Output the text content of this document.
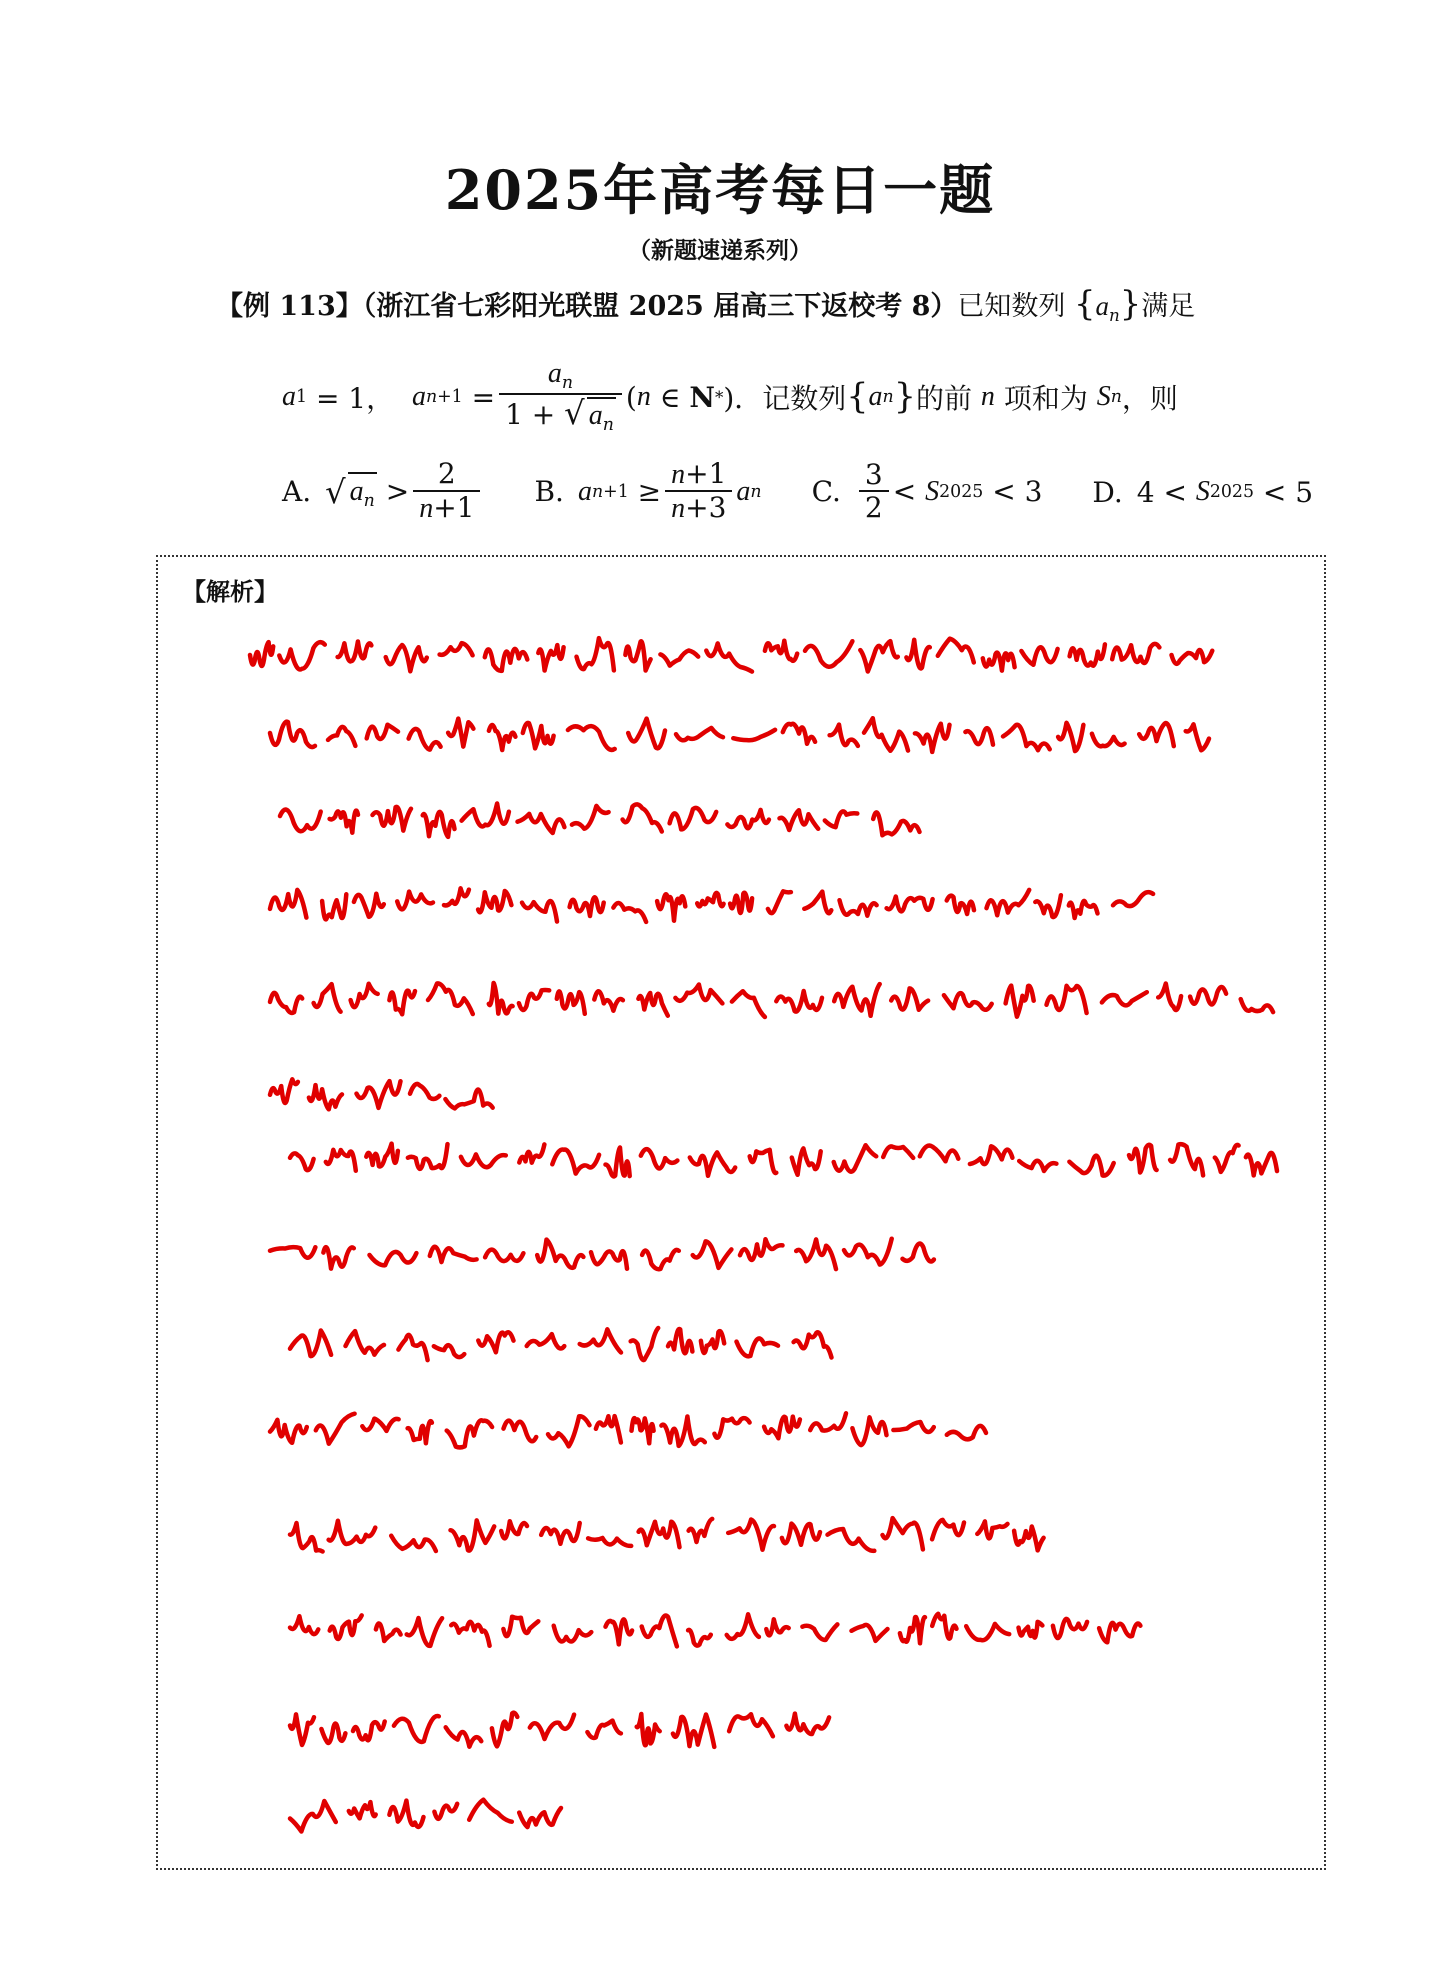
2025年高考每日一题
（新题速递系列）
【例 113】（浙江省七彩阳光联盟 2025 届高三下返校考 8）已知数列 $\{a_n\}$满足
a 1 = 1， a $n+1 = \frac{a_n}{1 + √ a_n}$ ( n ∈ N * )．记数列 { a n } 的前 n 项和为 S n ，则
A. √ $a_n > \frac{2}{n+1} B$. a $n+1 \ge \frac{n+1}{n+3}$ a n C. $\frac{3}{2} < S$ 2025 < 3 D. 4 < S 2025 < 5
【解析】
